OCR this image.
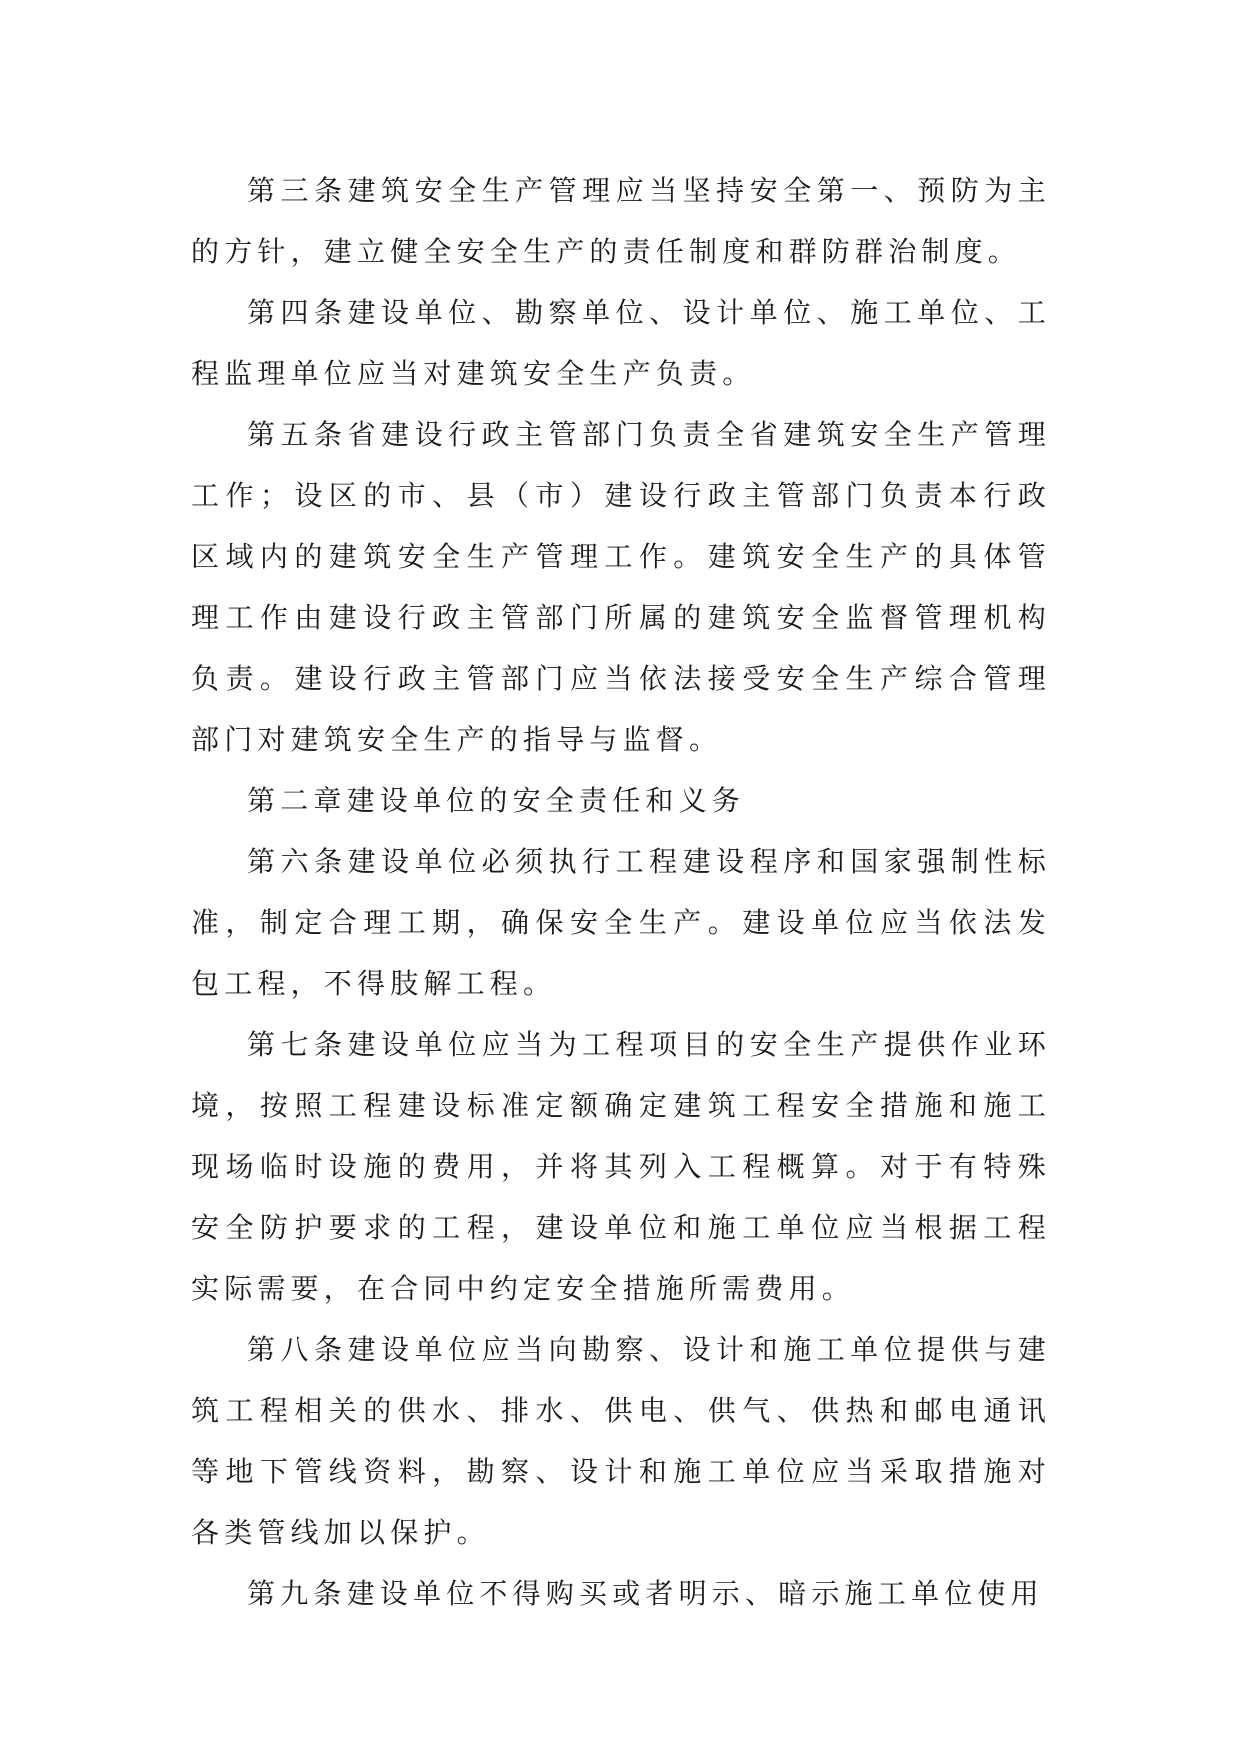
第三条建筑安全生产管理应当坚持安全第一、预防为主的方针，建立健全安全生产的责任制度和群防群治制度。

第四条建设单位、勘察单位、设计单位、施工单位、工程监理单位应当对建筑安全生产负责。

第五条省建设行政主管部门负责全省建筑安全生产管理工作；设区的市、县（市）建设行政主管部门负责本行政区域内的建筑安全生产管理工作。建筑安全生产的具体管理工作由建设行政主管部门所属的建筑安全监督管理机构负责。建设行政主管部门应当依法接受安全生产综合管理部门对建筑安全生产的指导与监督。

第二章建设单位的安全责任和义务

第六条建设单位必须执行工程建设程序和国家强制性标准，制定合理工期，确保安全生产。建设单位应当依法发包工程，不得肢解工程。

第七条建设单位应当为工程项目的安全生产提供作业环境，按照工程建设标准定额确定建筑工程安全措施和施工现场临时设施的费用，并将其列入工程概算。对于有特殊安全防护要求的工程，建设单位和施工单位应当根据工程实际需要，在合同中约定安全措施所需费用。

第八条建设单位应当向勘察、设计和施工单位提供与建筑工程相关的供水、排水、供电、供气、供热和邮电通讯等地下管线资料，勘察、设计和施工单位应当采取措施对各类管线加以保护。

第九条建设单位不得购买或者明示、暗示施工单位使用
